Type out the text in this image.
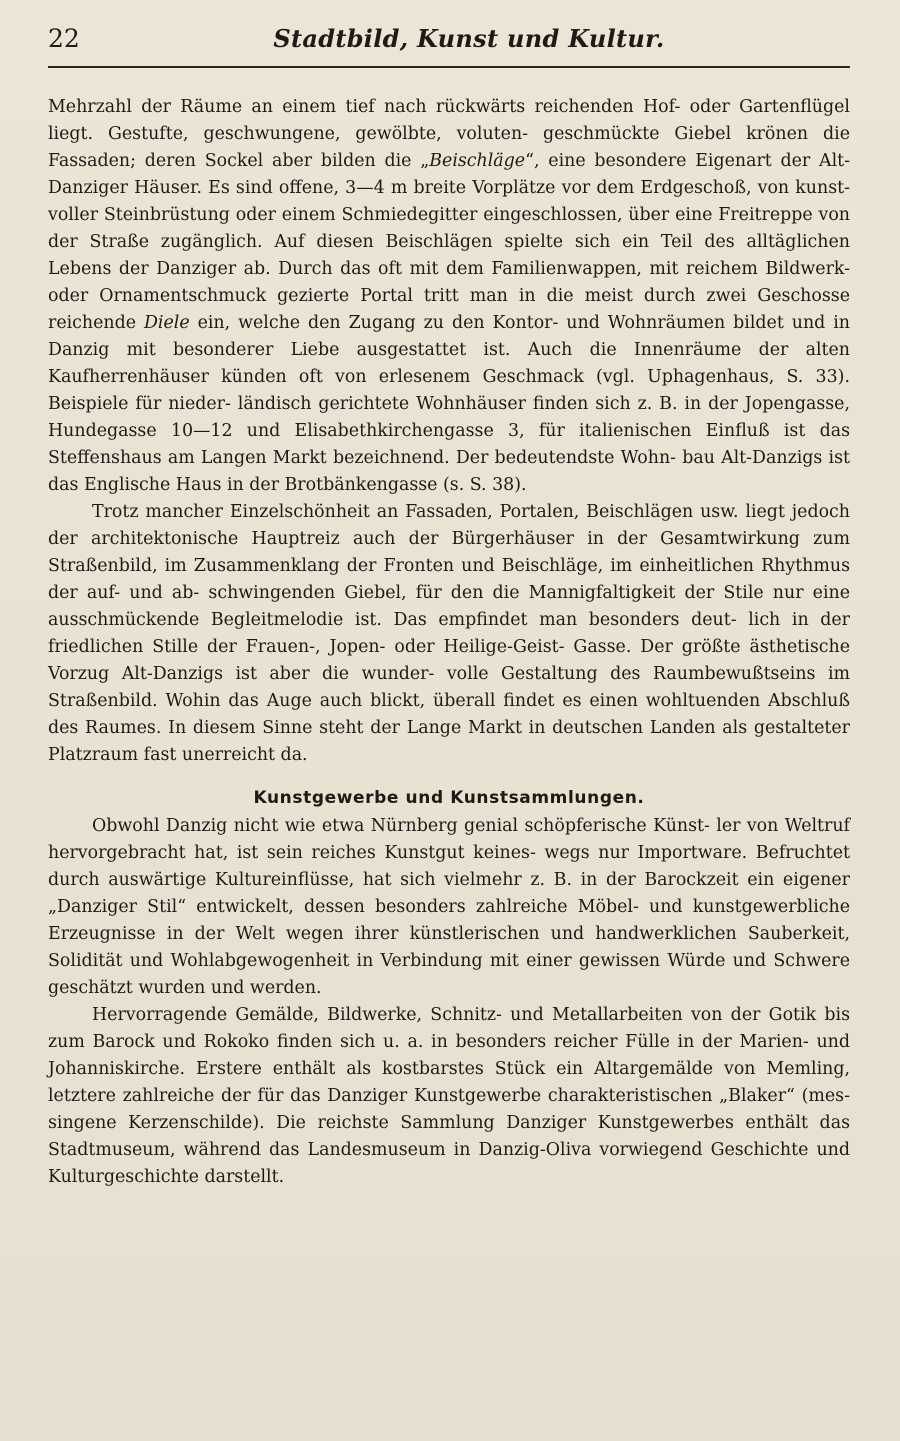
22	Stadtbild, Kunst und Kultur.

Mehrzahl der Räume an einem tief nach rückwärts reichenden Hof- oder Gartenflügel liegt. Gestufte, geschwungene, gewölbte, voluten- geschmückte Giebel krönen die Fassaden; deren Sockel aber bilden die „Beischläge“, eine besondere Eigenart der Alt-Danziger Häuser. Es sind offene, 3—4 m breite Vorplätze vor dem Erdgeschoß, von kunst- voller Steinbrüstung oder einem Schmiedegitter eingeschlossen, über eine Freitreppe von der Straße zugänglich. Auf diesen Beischlägen spielte sich ein Teil des alltäglichen Lebens der Danziger ab. Durch das oft mit dem Familienwappen, mit reichem Bildwerk- oder Ornamentschmuck gezierte Portal tritt man in die meist durch zwei Geschosse reichende Diele ein, welche den Zugang zu den Kontor- und Wohnräumen bildet und in Danzig mit besonderer Liebe ausgestattet ist. Auch die Innenräume der alten Kaufherrenhäuser künden oft von erlesenem Geschmack (vgl. Uphagenhaus, S. 33). Beispiele für nieder- ländisch gerichtete Wohnhäuser finden sich z. B. in der Jopengasse, Hundegasse 10—12 und Elisabethkirchengasse 3, für italienischen Einfluß ist das Steffenshaus am Langen Markt bezeichnend. Der bedeutendste Wohn- bau Alt-Danzigs ist das Englische Haus in der Brotbänkengasse (s. S. 38).

Trotz mancher Einzelschönheit an Fassaden, Portalen, Beischlägen usw. liegt jedoch der architektonische Hauptreiz auch der Bürgerhäuser in der Gesamtwirkung zum Straßenbild, im Zusammenklang der Fronten und Beischläge, im einheitlichen Rhythmus der auf- und ab- schwingenden Giebel, für den die Mannigfaltigkeit der Stile nur eine ausschmückende Begleitmelodie ist. Das empfindet man besonders deut- lich in der friedlichen Stille der Frauen-, Jopen- oder Heilige-Geist- Gasse. Der größte ästhetische Vorzug Alt-Danzigs ist aber die wunder- volle Gestaltung des Raumbewußtseins im Straßenbild. Wohin das Auge auch blickt, überall findet es einen wohltuenden Abschluß des Raumes. In diesem Sinne steht der Lange Markt in deutschen Landen als gestalteter Platzraum fast unerreicht da.

Kunstgewerbe und Kunstsammlungen.

Obwohl Danzig nicht wie etwa Nürnberg genial schöpferische Künst- ler von Weltruf hervorgebracht hat, ist sein reiches Kunstgut keines- wegs nur Importware. Befruchtet durch auswärtige Kultureinflüsse, hat sich vielmehr z. B. in der Barockzeit ein eigener „Danziger Stil“ entwickelt, dessen besonders zahlreiche Möbel- und kunstgewerbliche Erzeugnisse in der Welt wegen ihrer künstlerischen und handwerklichen Sauberkeit, Solidität und Wohlabgewogenheit in Verbindung mit einer gewissen Würde und Schwere geschätzt wurden und werden.

Hervorragende Gemälde, Bildwerke, Schnitz- und Metallarbeiten von der Gotik bis zum Barock und Rokoko finden sich u. a. in besonders reicher Fülle in der Marien- und Johanniskirche. Erstere enthält als kostbarstes Stück ein Altargemälde von Memling, letztere zahlreiche der für das Danziger Kunstgewerbe charakteristischen „Blaker“ (mes- singene Kerzenschilde). Die reichste Sammlung Danziger Kunstgewerbes enthält das Stadtmuseum, während das Landesmuseum in Danzig-Oliva vorwiegend Geschichte und Kulturgeschichte darstellt.
